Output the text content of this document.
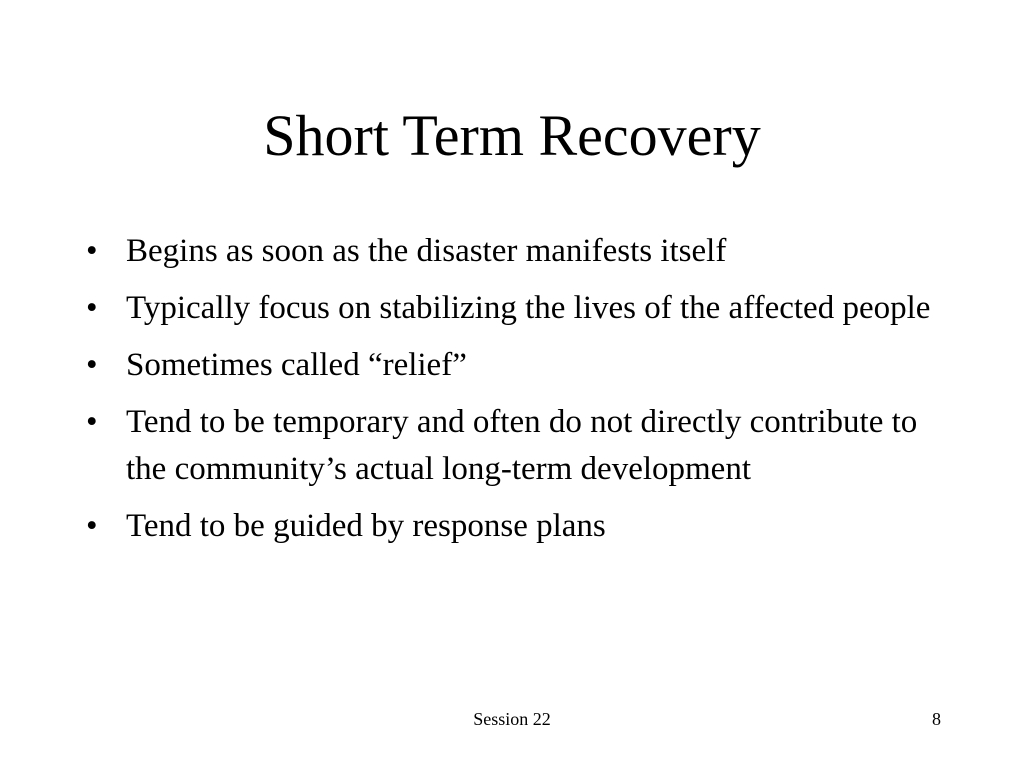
Short Term Recovery
• Begins as soon as the disaster manifests itself
• Typically focus on stabilizing the lives of the affected people
• Sometimes called “relief”
• Tend to be temporary and often do not directly contribute to the community’s actual long-term development
• Tend to be guided by response plans
Session 22	8
